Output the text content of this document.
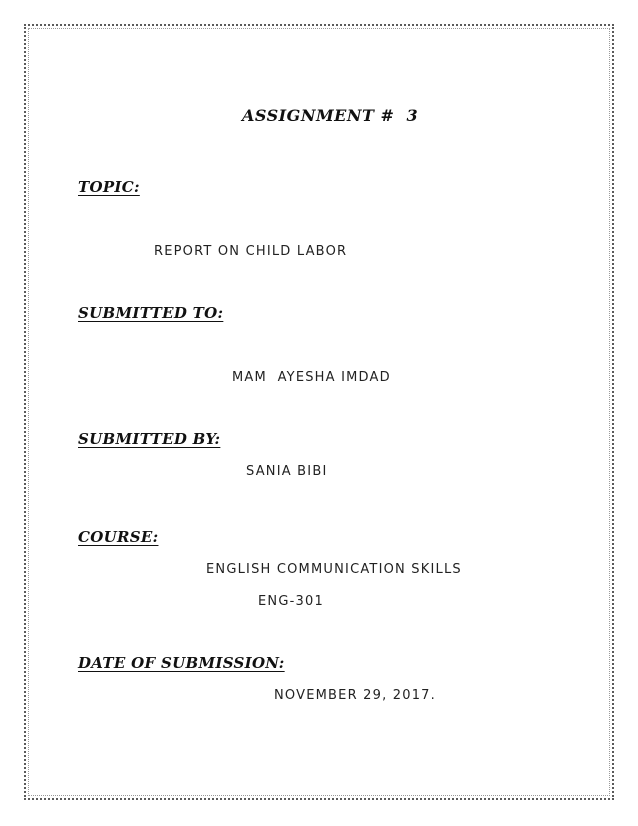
ASSIGNMENT #  3
TOPIC:
REPORT ON CHILD LABOR
SUBMITTED TO:
MAM  AYESHA IMDAD
SUBMITTED BY:
SANIA BIBI
COURSE:
ENGLISH COMMUNICATION SKILLS
ENG-301
DATE OF SUBMISSION:
NOVEMBER 29, 2017.
